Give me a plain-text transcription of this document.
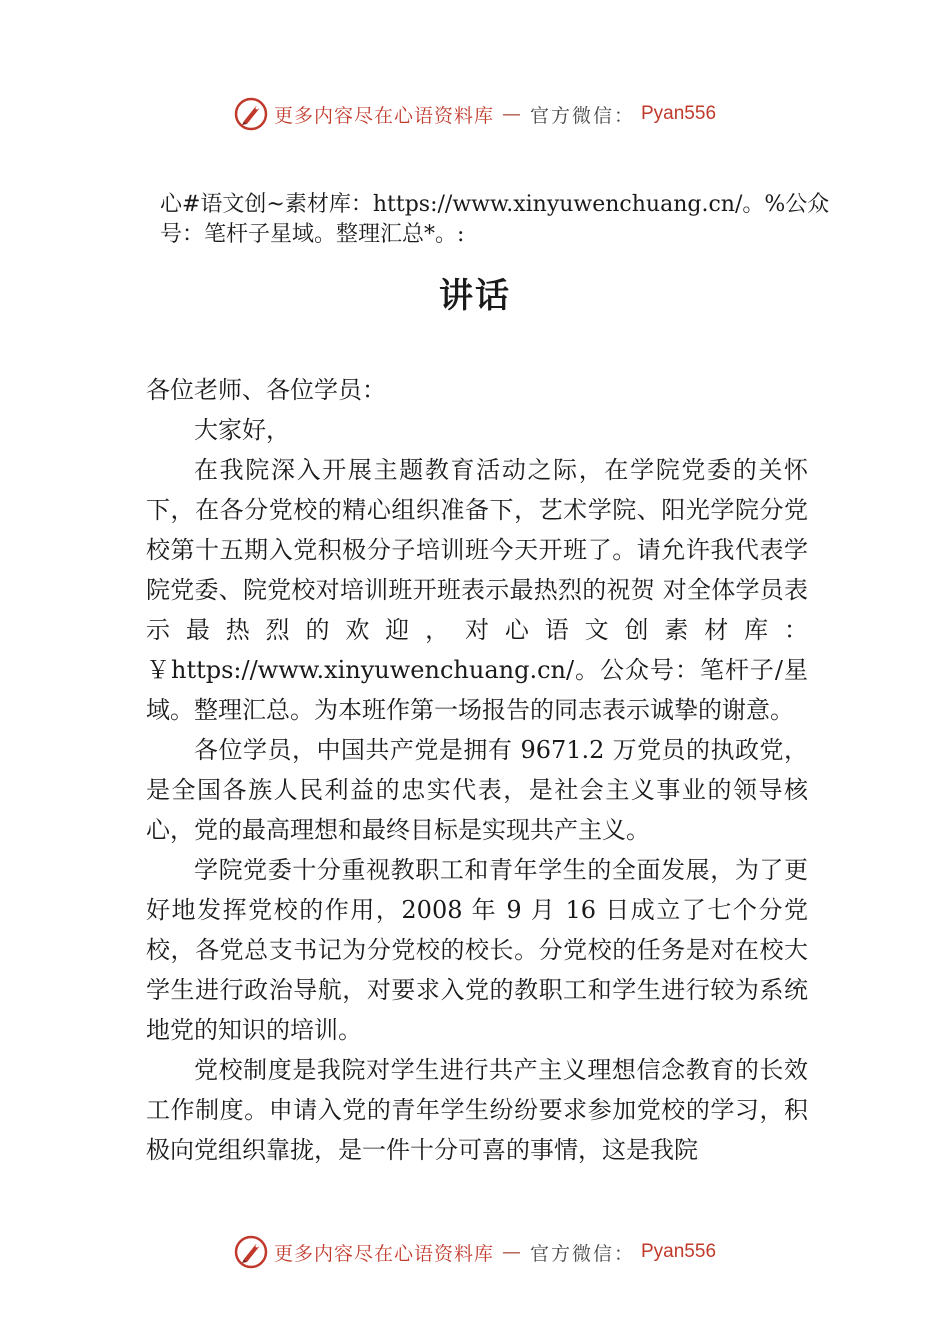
更多内容尽在心语资料库 — 官方微信： Pyan556

心#语文创~素材库：https://www.xinyuwenchuang.cn/。%公众号：笔杆子星域。整理汇总*。:

讲话

各位老师、各位学员：

大家好，

在我院深入开展主题教育活动之际，在学院党委的关怀下，在各分党校的精心组织准备下，艺术学院、阳光学院分党校第十五期入党积极分子培训班今天开班了。请允许我代表学院党委、院党校对培训班开班表示最热烈的祝贺 对全体学员表示最热烈的欢迎，对心语文创素材库：￥https://www.xinyuwenchuang.cn/。公众号：笔杆子/星域。整理汇总。为本班作第一场报告的同志表示诚挚的谢意。

各位学员，中国共产党是拥有 9671.2 万党员的执政党，是全国各族人民利益的忠实代表，是社会主义事业的领导核心，党的最高理想和最终目标是实现共产主义。

学院党委十分重视教职工和青年学生的全面发展，为了更好地发挥党校的作用，2008 年 9 月 16 日成立了七个分党校，各党总支书记为分党校的校长。分党校的任务是对在校大学生进行政治导航，对要求入党的教职工和学生进行较为系统地党的知识的培训。

党校制度是我院对学生进行共产主义理想信念教育的长效工作制度。申请入党的青年学生纷纷要求参加党校的学习，积极向党组织靠拢，是一件十分可喜的事情，这是我院

更多内容尽在心语资料库 — 官方微信： Pyan556
